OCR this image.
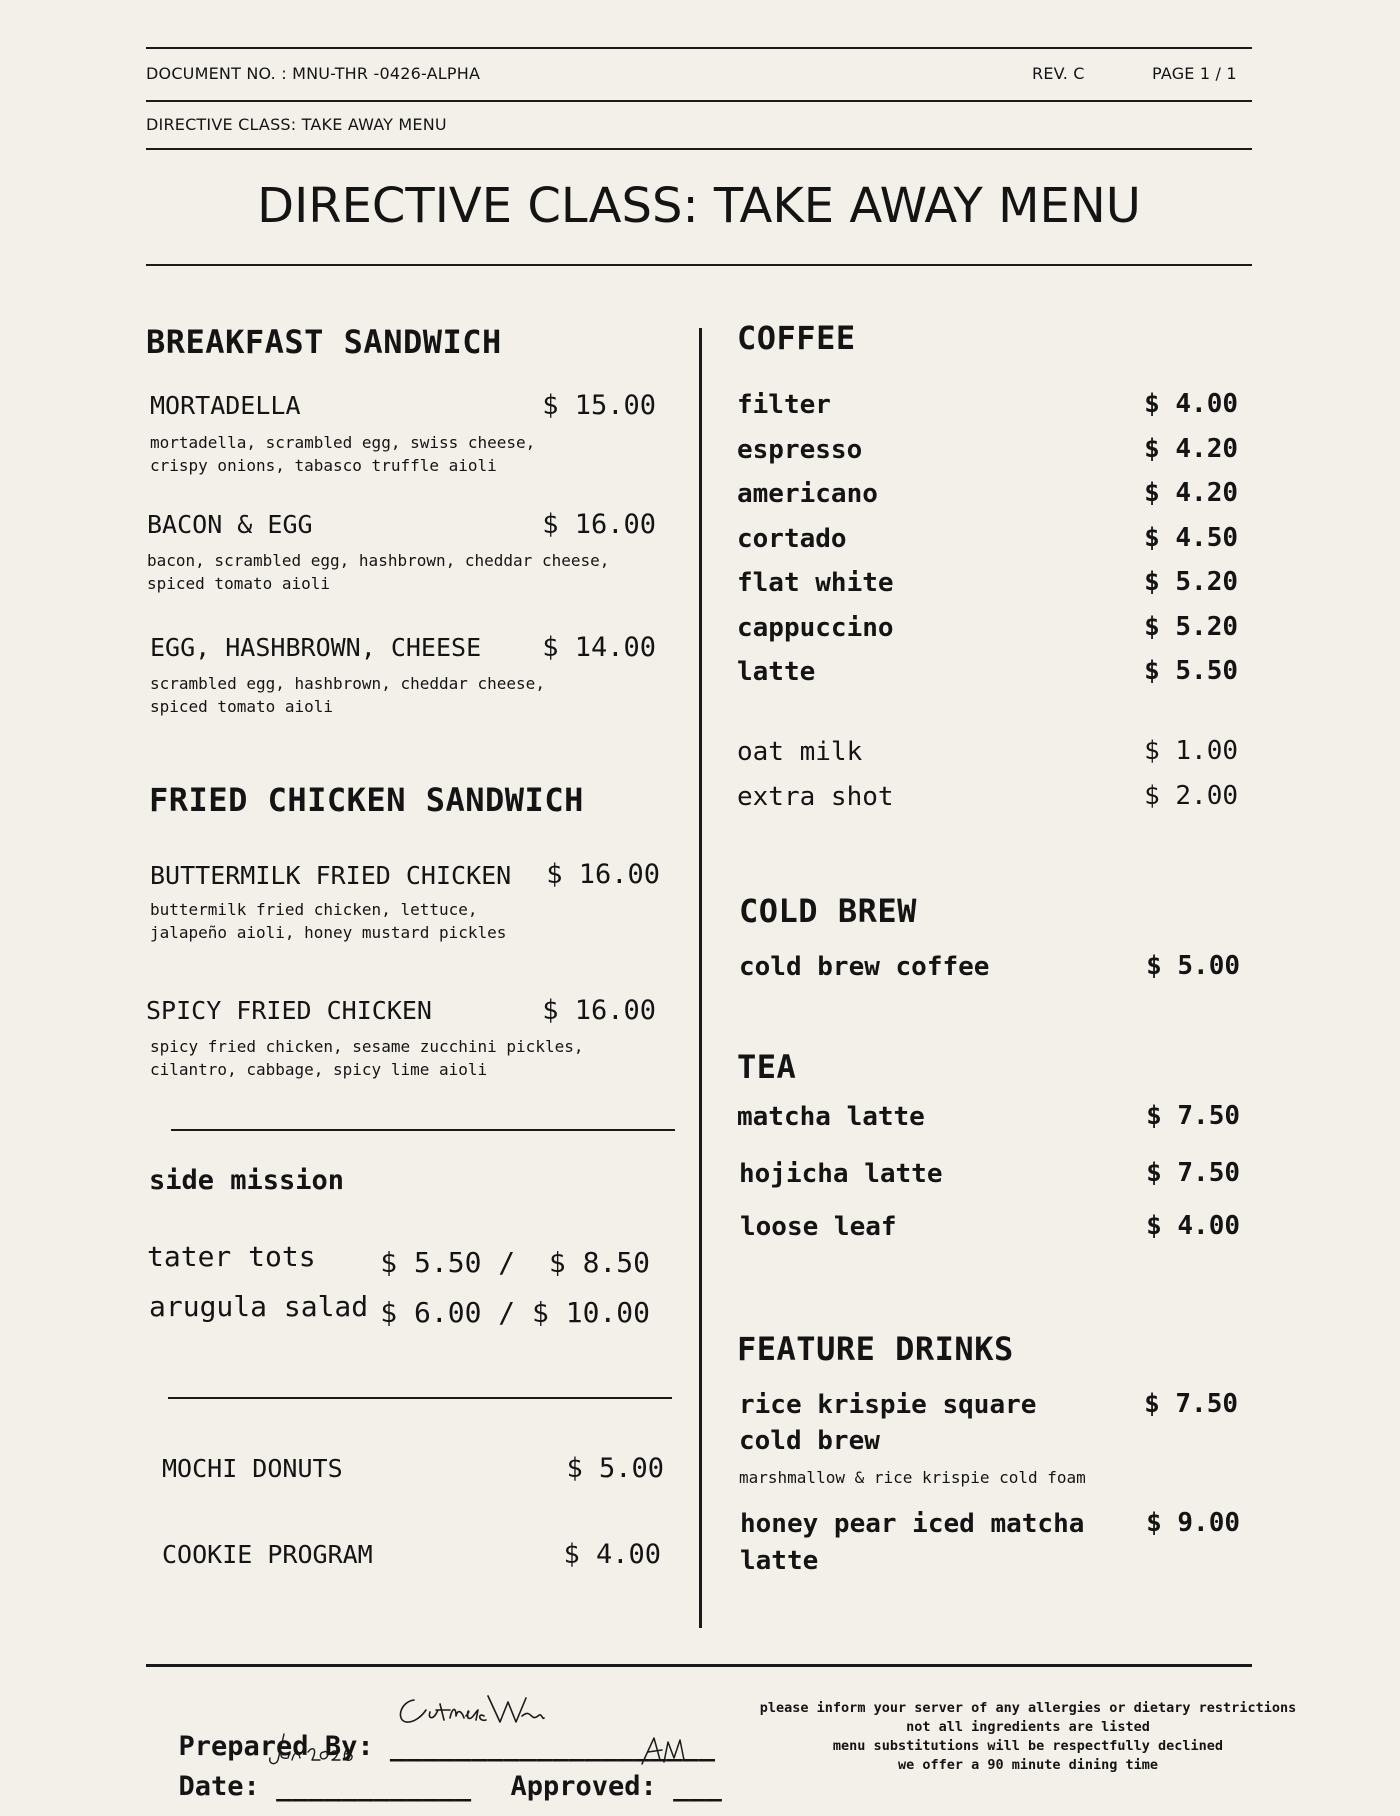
DOCUMENT NO. : MNU-THR -0426-ALPHA	REV. C	PAGE 1 / 1
DIRECTIVE CLASS: TAKE AWAY MENU
DIRECTIVE CLASS: TAKE AWAY MENU
BREAKFAST SANDWICH
MORTADELLA	$ 15.00
mortadella, scrambled egg, swiss cheese,
crispy onions, tabasco truffle aioli
BACON & EGG	$ 16.00
bacon, scrambled egg, hashbrown, cheddar cheese,
spiced tomato aioli
EGG, HASHBROWN, CHEESE	$ 14.00
scrambled egg, hashbrown, cheddar cheese,
spiced tomato aioli
FRIED CHICKEN SANDWICH
BUTTERMILK FRIED CHICKEN	$ 16.00
buttermilk fried chicken, lettuce,
jalapeño aioli, honey mustard pickles
SPICY FRIED CHICKEN	$ 16.00
spicy fried chicken, sesame zucchini pickles,
cilantro, cabbage, spicy lime aioli
side mission
tater tots $ 5.50 /  $ 8.50
arugula salad $ 6.00 / $ 10.00
MOCHI DONUTS	$ 5.00
COOKIE PROGRAM	$ 4.00
COFFEE
filter	$ 4.00
espresso	$ 4.20
americano	$ 4.20
cortado	$ 4.50
flat white	$ 5.20
cappuccino	$ 5.20
latte	$ 5.50
oat milk	$ 1.00
extra shot	$ 2.00
COLD BREW
cold brew coffee	$ 5.00
TEA
matcha latte	$ 7.50
hojicha latte	$ 7.50
loose leaf	$ 4.00
FEATURE DRINKS
rice krispie square
cold brew
$ 7.50
marshmallow & rice krispie cold foam
honey pear iced matcha
latte
$ 9.00

Prepared By: ____________________

Date: ____________	Approved: ___

please inform your server of any allergies or dietary restrictions
not all ingredients are listed
menu substitutions will be respectfully declined
we offer a 90 minute dining time
